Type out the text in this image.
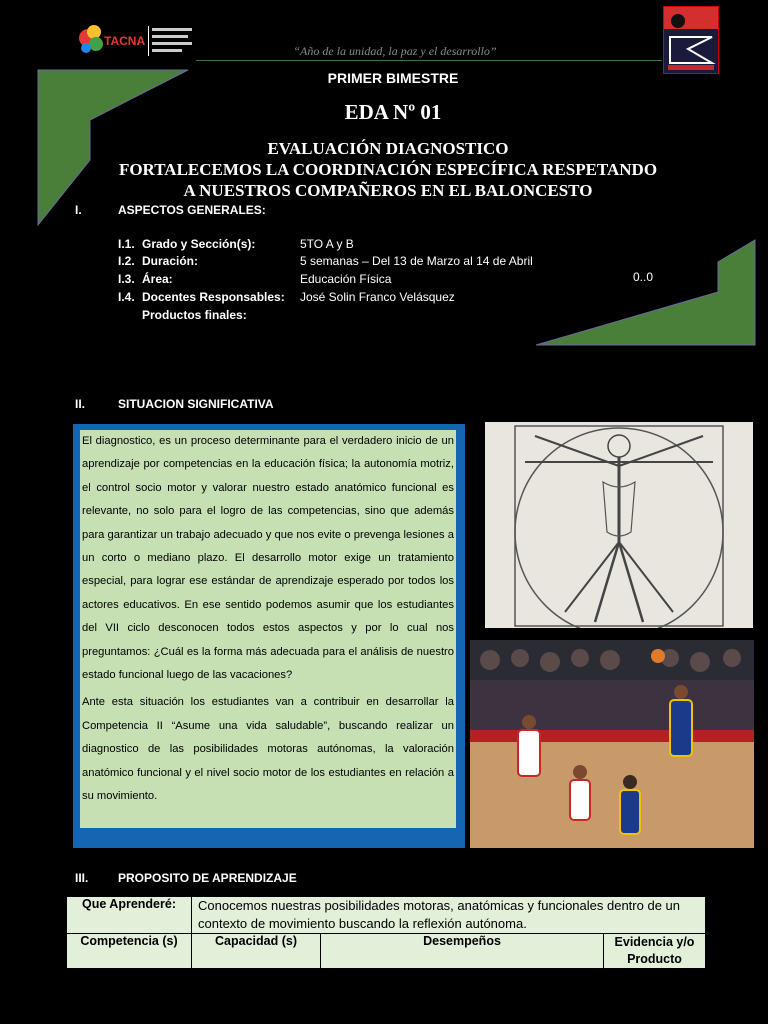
TACNA
“Año de la unidad, la paz y el desarrollo”
PRIMER BIMESTRE
EDA Nº 01
EVALUACIÓN DIAGNOSTICO
FORTALECEMOS LA COORDINACIÓN ESPECÍFICA RESPETANDO
A NUESTROS COMPAÑEROS EN EL BALONCESTO
I.	ASPECTOS GENERALES:
I.1. Grado y Sección(s):	5TO A y B
I.2. Duración:	5 semanas – Del 13 de Marzo al 14 de Abril
I.3. Área:	Educación Física
I.4. Docentes Responsables:	José Solin Franco Velásquez
Productos finales:
0..0
II.	SITUACION SIGNIFICATIVA

El diagnostico, es un proceso determinante para el verdadero inicio de un aprendizaje por competencias en la educación física; la autonomía motriz, el control socio motor y valorar nuestro estado anatómico funcional es relevante, no solo para el logro de las competencias, sino que además para garantizar un trabajo adecuado y que nos evite o prevenga lesiones a un corto o mediano plazo. El desarrollo motor exige un tratamiento especial, para lograr ese estándar de aprendizaje esperado por todos los actores educativos. En ese sentido podemos asumir que los estudiantes del VII ciclo desconocen todos estos aspectos y por lo cual nos preguntamos: ¿Cuál es la forma más adecuada para el análisis de nuestro estado funcional luego de las vacaciones?

Ante esta situación los estudiantes van a contribuir en desarrollar la Competencia II “Asume una vida saludable”, buscando realizar un diagnostico de las posibilidades motoras autónomas, la valoración anatómico funcional y el nivel socio motor de los estudiantes en relación a su movimiento.

III. PROPOSITO DE APRENDIZAJE
Que Aprenderé:	Conocemos nuestras posibilidades motoras, anatómicas y funcionales dentro de un contexto de movimiento buscando la reflexión autónoma.		
Competencia (s)	Capacidad (s)	Desempeños	Evidencia y/o Producto
